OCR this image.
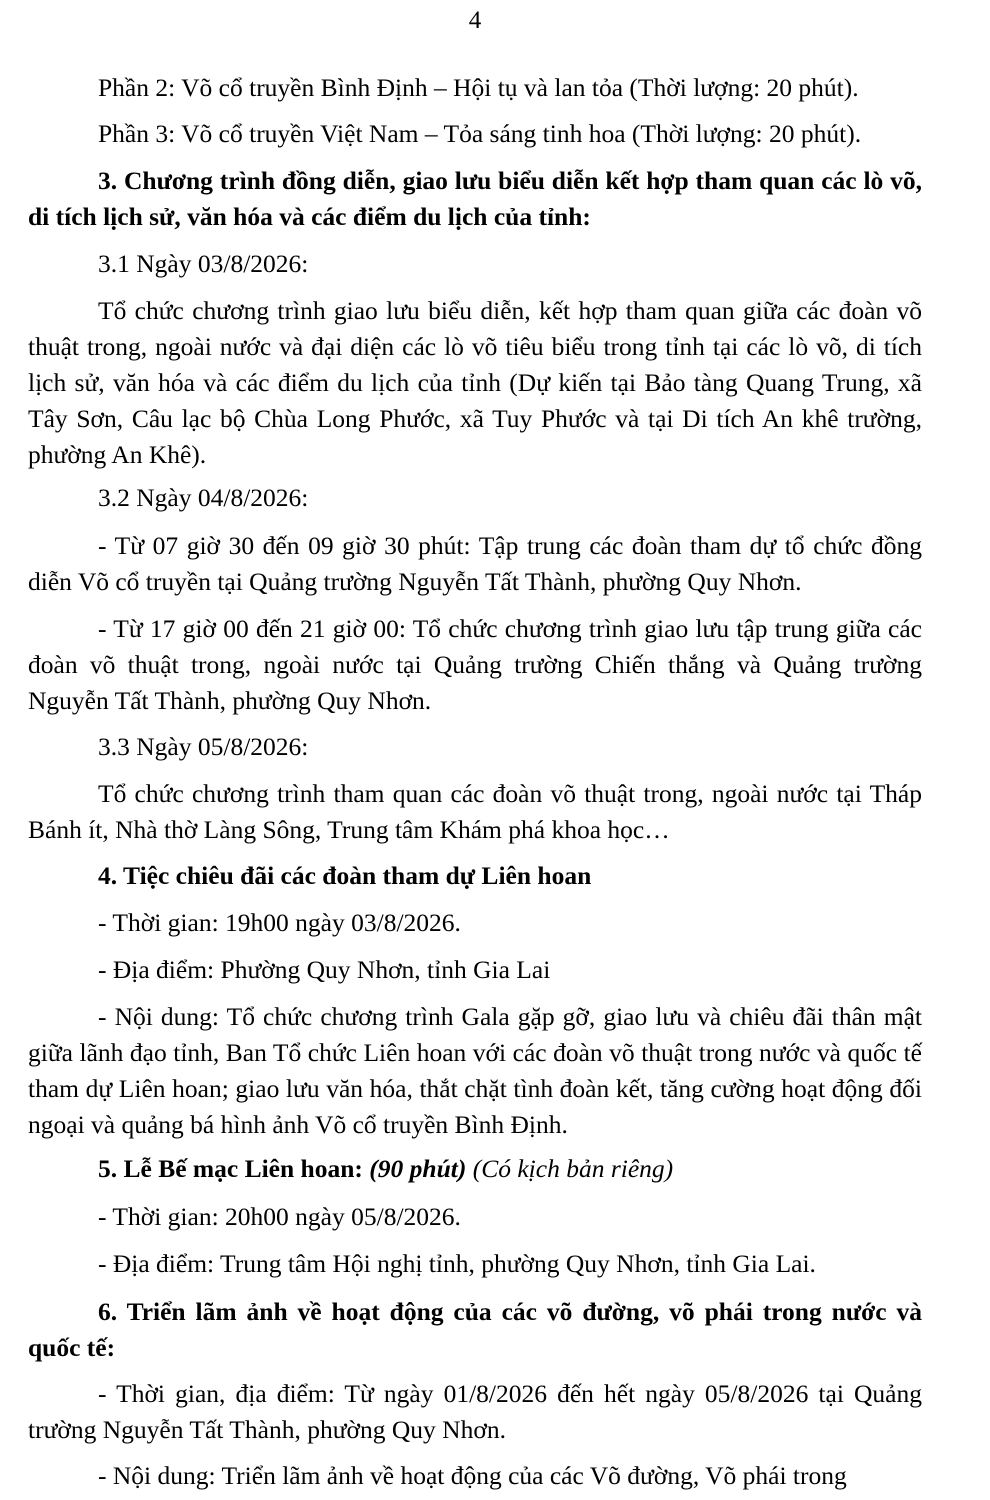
4

Phần 2: Võ cổ truyền Bình Định – Hội tụ và lan tỏa (Thời lượng: 20 phút).

Phần 3: Võ cổ truyền Việt Nam – Tỏa sáng tinh hoa (Thời lượng: 20 phút).

3. Chương trình đồng diễn, giao lưu biểu diễn kết hợp tham quan các lò võ, di tích lịch sử, văn hóa và các điểm du lịch của tỉnh:

3.1 Ngày 03/8/2026:

Tổ chức chương trình giao lưu biểu diễn, kết hợp tham quan giữa các đoàn võ thuật trong, ngoài nước và đại diện các lò võ tiêu biểu trong tỉnh tại các lò võ, di tích lịch sử, văn hóa và các điểm du lịch của tỉnh (Dự kiến tại Bảo tàng Quang Trung, xã Tây Sơn, Câu lạc bộ Chùa Long Phước, xã Tuy Phước và tại Di tích An khê trường, phường An Khê).

3.2 Ngày 04/8/2026:

- Từ 07 giờ 30 đến 09 giờ 30 phút: Tập trung các đoàn tham dự tổ chức đồng diễn Võ cổ truyền tại Quảng trường Nguyễn Tất Thành, phường Quy Nhơn.

- Từ 17 giờ 00 đến 21 giờ 00: Tổ chức chương trình giao lưu tập trung giữa các đoàn võ thuật trong, ngoài nước tại Quảng trường Chiến thắng và Quảng trường Nguyễn Tất Thành, phường Quy Nhơn.

3.3 Ngày 05/8/2026:

Tổ chức chương trình tham quan các đoàn võ thuật trong, ngoài nước tại Tháp Bánh ít, Nhà thờ Làng Sông, Trung tâm Khám phá khoa học…

4. Tiệc chiêu đãi các đoàn tham dự Liên hoan

- Thời gian: 19h00 ngày 03/8/2026.

- Địa điểm: Phường Quy Nhơn, tỉnh Gia Lai

- Nội dung: Tổ chức chương trình Gala gặp gỡ, giao lưu và chiêu đãi thân mật giữa lãnh đạo tỉnh, Ban Tổ chức Liên hoan với các đoàn võ thuật trong nước và quốc tế tham dự Liên hoan; giao lưu văn hóa, thắt chặt tình đoàn kết, tăng cường hoạt động đối ngoại và quảng bá hình ảnh Võ cổ truyền Bình Định.

5. Lễ Bế mạc Liên hoan: (90 phút) (Có kịch bản riêng)

- Thời gian: 20h00 ngày 05/8/2026.

- Địa điểm: Trung tâm Hội nghị tỉnh, phường Quy Nhơn, tỉnh Gia Lai.

6. Triển lãm ảnh về hoạt động của các võ đường, võ phái trong nước và quốc tế:

- Thời gian, địa điểm: Từ ngày 01/8/2026 đến hết ngày 05/8/2026 tại Quảng trường Nguyễn Tất Thành, phường Quy Nhơn.

- Nội dung: Triển lãm ảnh về hoạt động của các Võ đường, Võ phái trong
